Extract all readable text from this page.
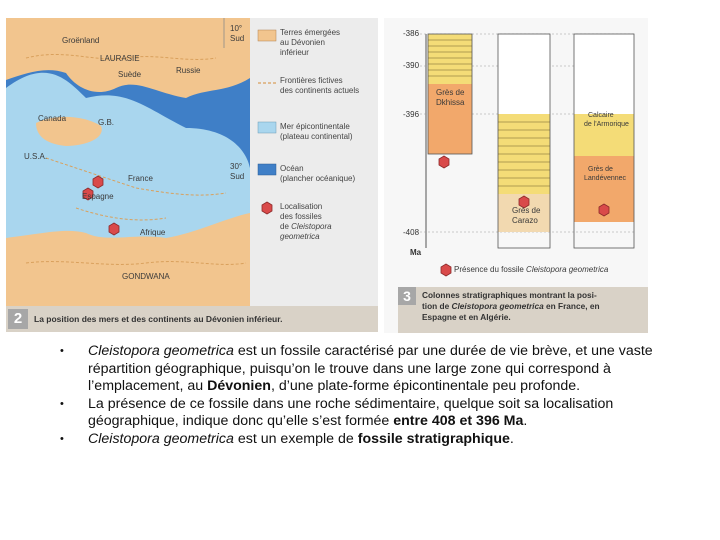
Groënland
LAURASIE
Suède	Russie
Canada	G.B.
U.S.A.
France
Espagne
Afrique
GONDWANA
10°
Sud
30°
Sud
Terres émergées
au Dévonien
inférieur
Frontières fictives
des continents actuels
Mer épicontinentale
(plateau continental)
Océan
(plancher océanique)
Localisation
des fossiles
de Cleistopora
geometrica
2	La position des mers et des continents au Dévonien inférieur.
-386
-390
-396
-408
Ma
Grès de
Dkhissa
Grès de
Carazo
Calcaire
de l'Armorique
Grès de
Landévennec
Présence du fossile Cleistopora geometrica
3	Colonnes stratigraphiques montrant la posi-
tion de Cleistopora geometrica en France, en
Espagne et en Algérie.
• Cleistopora geometrica est un fossile caractérisé par une durée de vie brève, et une vaste répartition géographique, puisqu’on le trouve dans une large zone qui correspond à l’emplacement, au Dévonien, d’une plate-forme épicontinentale peu profonde.
• La présence de ce fossile dans une roche sédimentaire, quelque soit sa localisation géographique, indique donc qu’elle s’est formée entre 408 et 396 Ma.
• Cleistopora geometrica est un exemple de fossile stratigraphique.
